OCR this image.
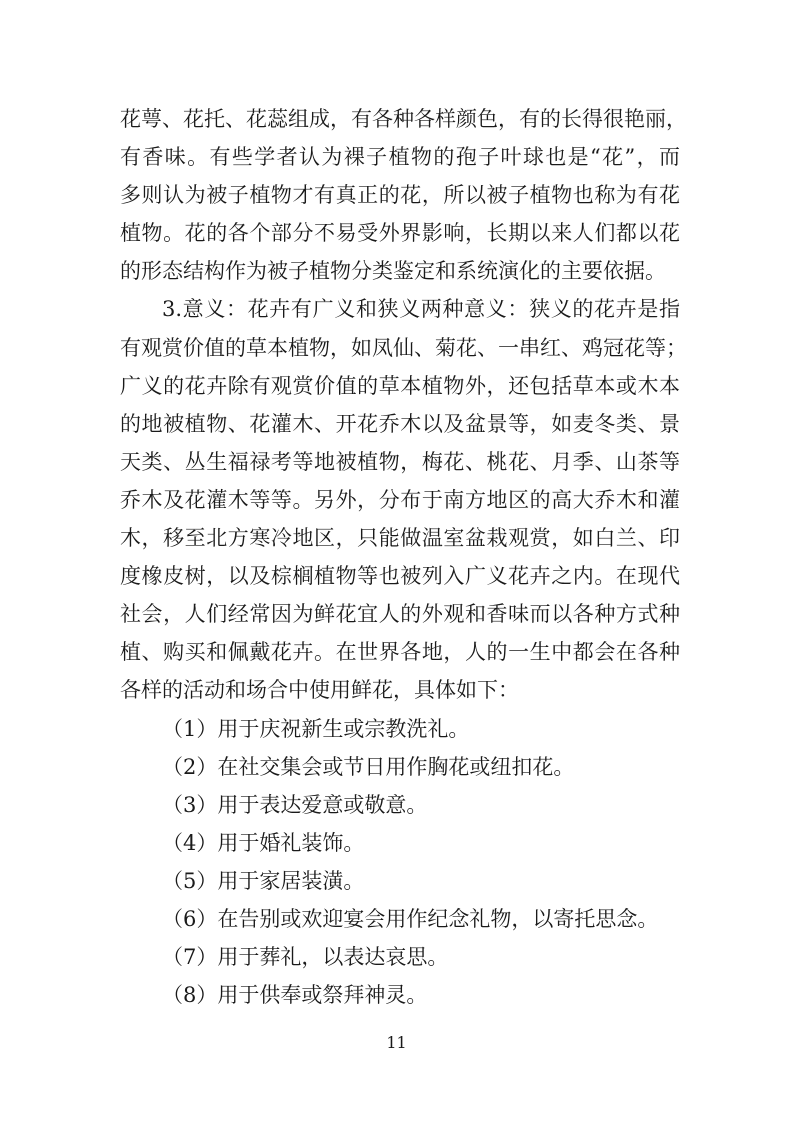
花萼、花托、花蕊组成，有各种各样颜色，有的长得很艳丽，
有香味。有些学者认为裸子植物的孢子叶球也是“花”，而
多则认为被子植物才有真正的花，所以被子植物也称为有花
植物。花的各个部分不易受外界影响，长期以来人们都以花
的形态结构作为被子植物分类鉴定和系统演化的主要依据。
3.意义：花卉有广义和狭义两种意义：狭义的花卉是指
有观赏价值的草本植物，如凤仙、菊花、一串红、鸡冠花等；
广义的花卉除有观赏价值的草本植物外，还包括草本或木本
的地被植物、花灌木、开花乔木以及盆景等，如麦冬类、景
天类、丛生福禄考等地被植物，梅花、桃花、月季、山茶等
乔木及花灌木等等。另外，分布于南方地区的高大乔木和灌
木，移至北方寒冷地区，只能做温室盆栽观赏，如白兰、印
度橡皮树，以及棕榈植物等也被列入广义花卉之内。在现代
社会，人们经常因为鲜花宜人的外观和香味而以各种方式种
植、购买和佩戴花卉。在世界各地，人的一生中都会在各种
各样的活动和场合中使用鲜花，具体如下：
（1）用于庆祝新生或宗教洗礼。
（2）在社交集会或节日用作胸花或纽扣花。
（3）用于表达爱意或敬意。
（4）用于婚礼装饰。
（5）用于家居装潢。
（6）在告别或欢迎宴会用作纪念礼物，以寄托思念。
（7）用于葬礼，以表达哀思。
（8）用于供奉或祭拜神灵。
11
